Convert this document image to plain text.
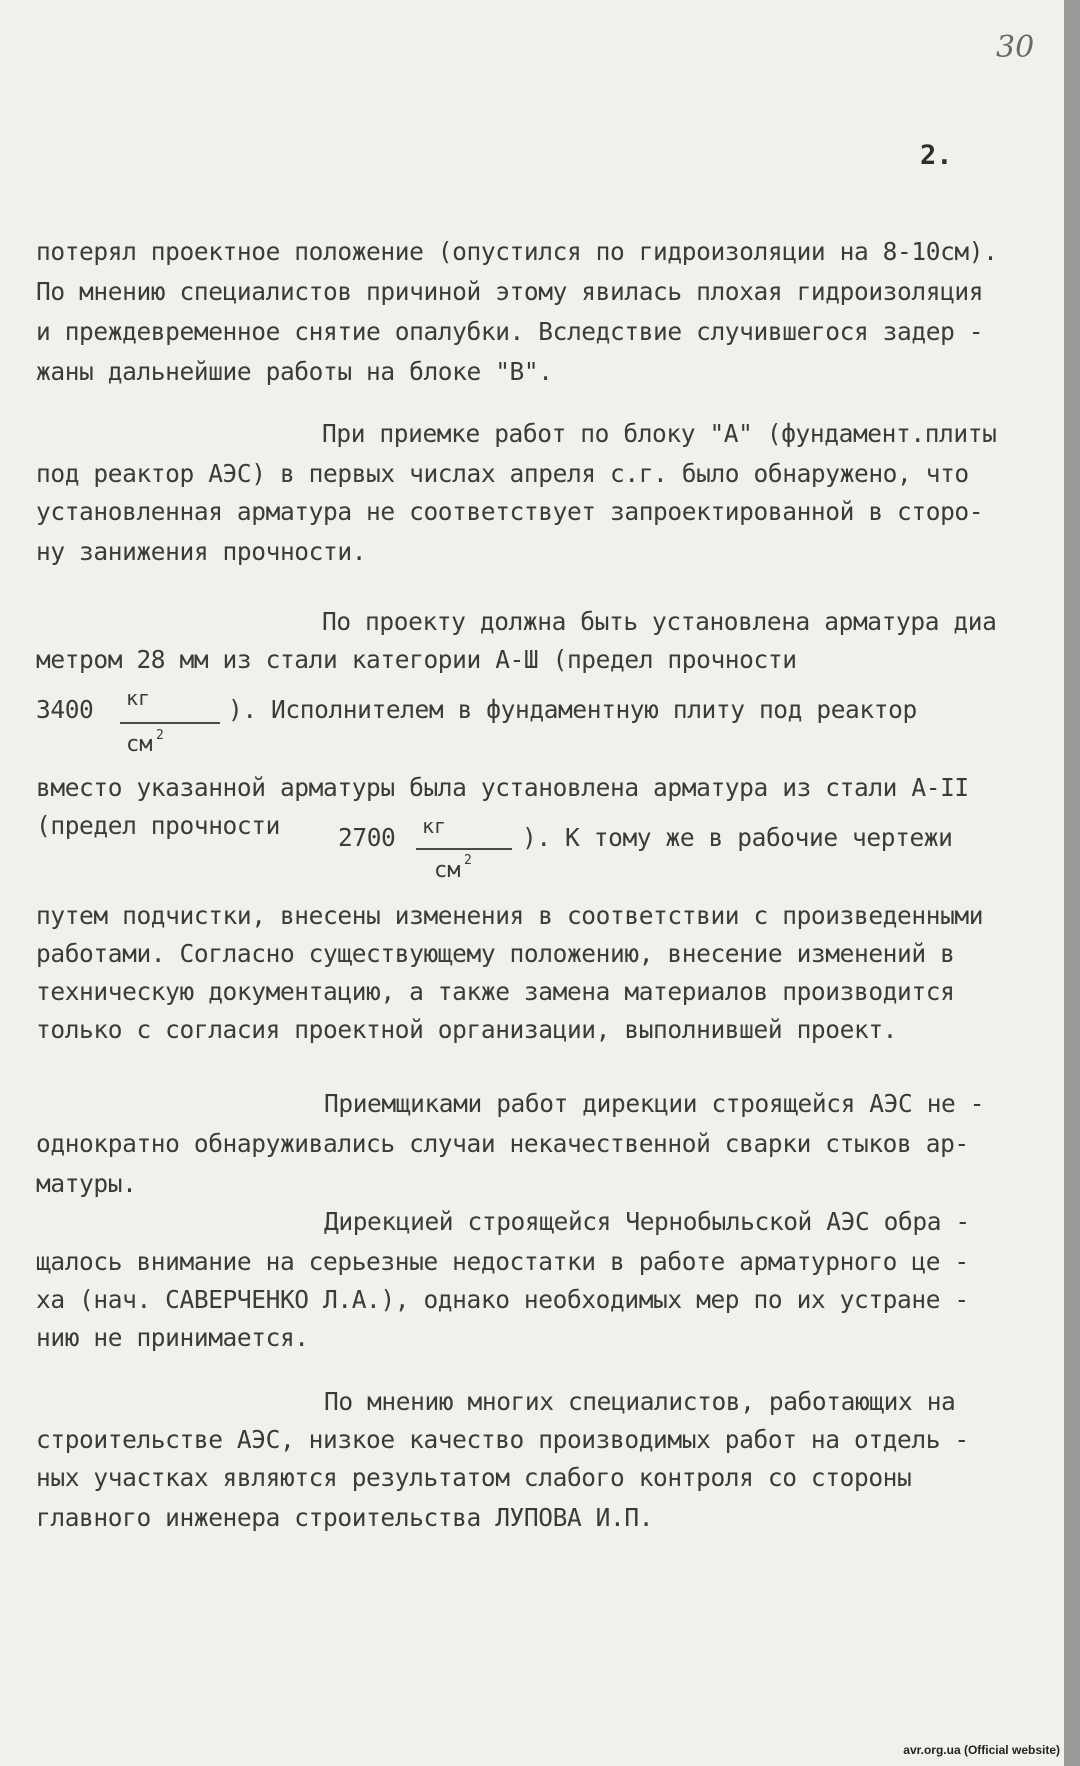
30
2.
потерял проектное положение (опустился по гидроизоляции на 8-10см).
По мнению специалистов причиной этому явилась плохая гидроизоляция
и преждевременное снятие опалубки. Вследствие случившегося задер -
жаны дальнейшие работы на блоке "В".
При приемке работ по блоку "А" (фундамент.плиты
под реактор АЭС) в первых числах апреля с.г. было обнаружено, что
установленная арматура не соответствует запроектированной в сторо-
ну занижения прочности.
По проекту должна быть установлена арматура диа
метром 28 мм из стали категории А-Ш (предел прочности
3400 кг
см 2
). Исполнителем в фундаментную плиту под реактор
вместо указанной арматуры была установлена арматура из стали А-II
(предел прочности 2700 кг
см 2
). К тому же в рабочие чертежи
путем подчистки, внесены изменения в соответствии с произведенными
работами. Согласно существующему положению, внесение изменений в
техническую документацию, а также замена материалов производится
только с согласия проектной организации, выполнившей проект.
Приемщиками работ дирекции строящейся АЭС не -
однократно обнаруживались случаи некачественной сварки стыков ар-
матуры.
Дирекцией строящейся Чернобыльской АЭС обра -
щалось внимание на серьезные недостатки в работе арматурного це -
ха (нач. САВЕРЧЕНКО Л.А.), однако необходимых мер по их устране -
нию не принимается.
По мнению многих специалистов, работающих на
строительстве АЭС, низкое качество производимых работ на отдель -
ных участках являются результатом слабого контроля со стороны
главного инженера строительства ЛУПОВА И.П.
avr.org.ua (Official website)
